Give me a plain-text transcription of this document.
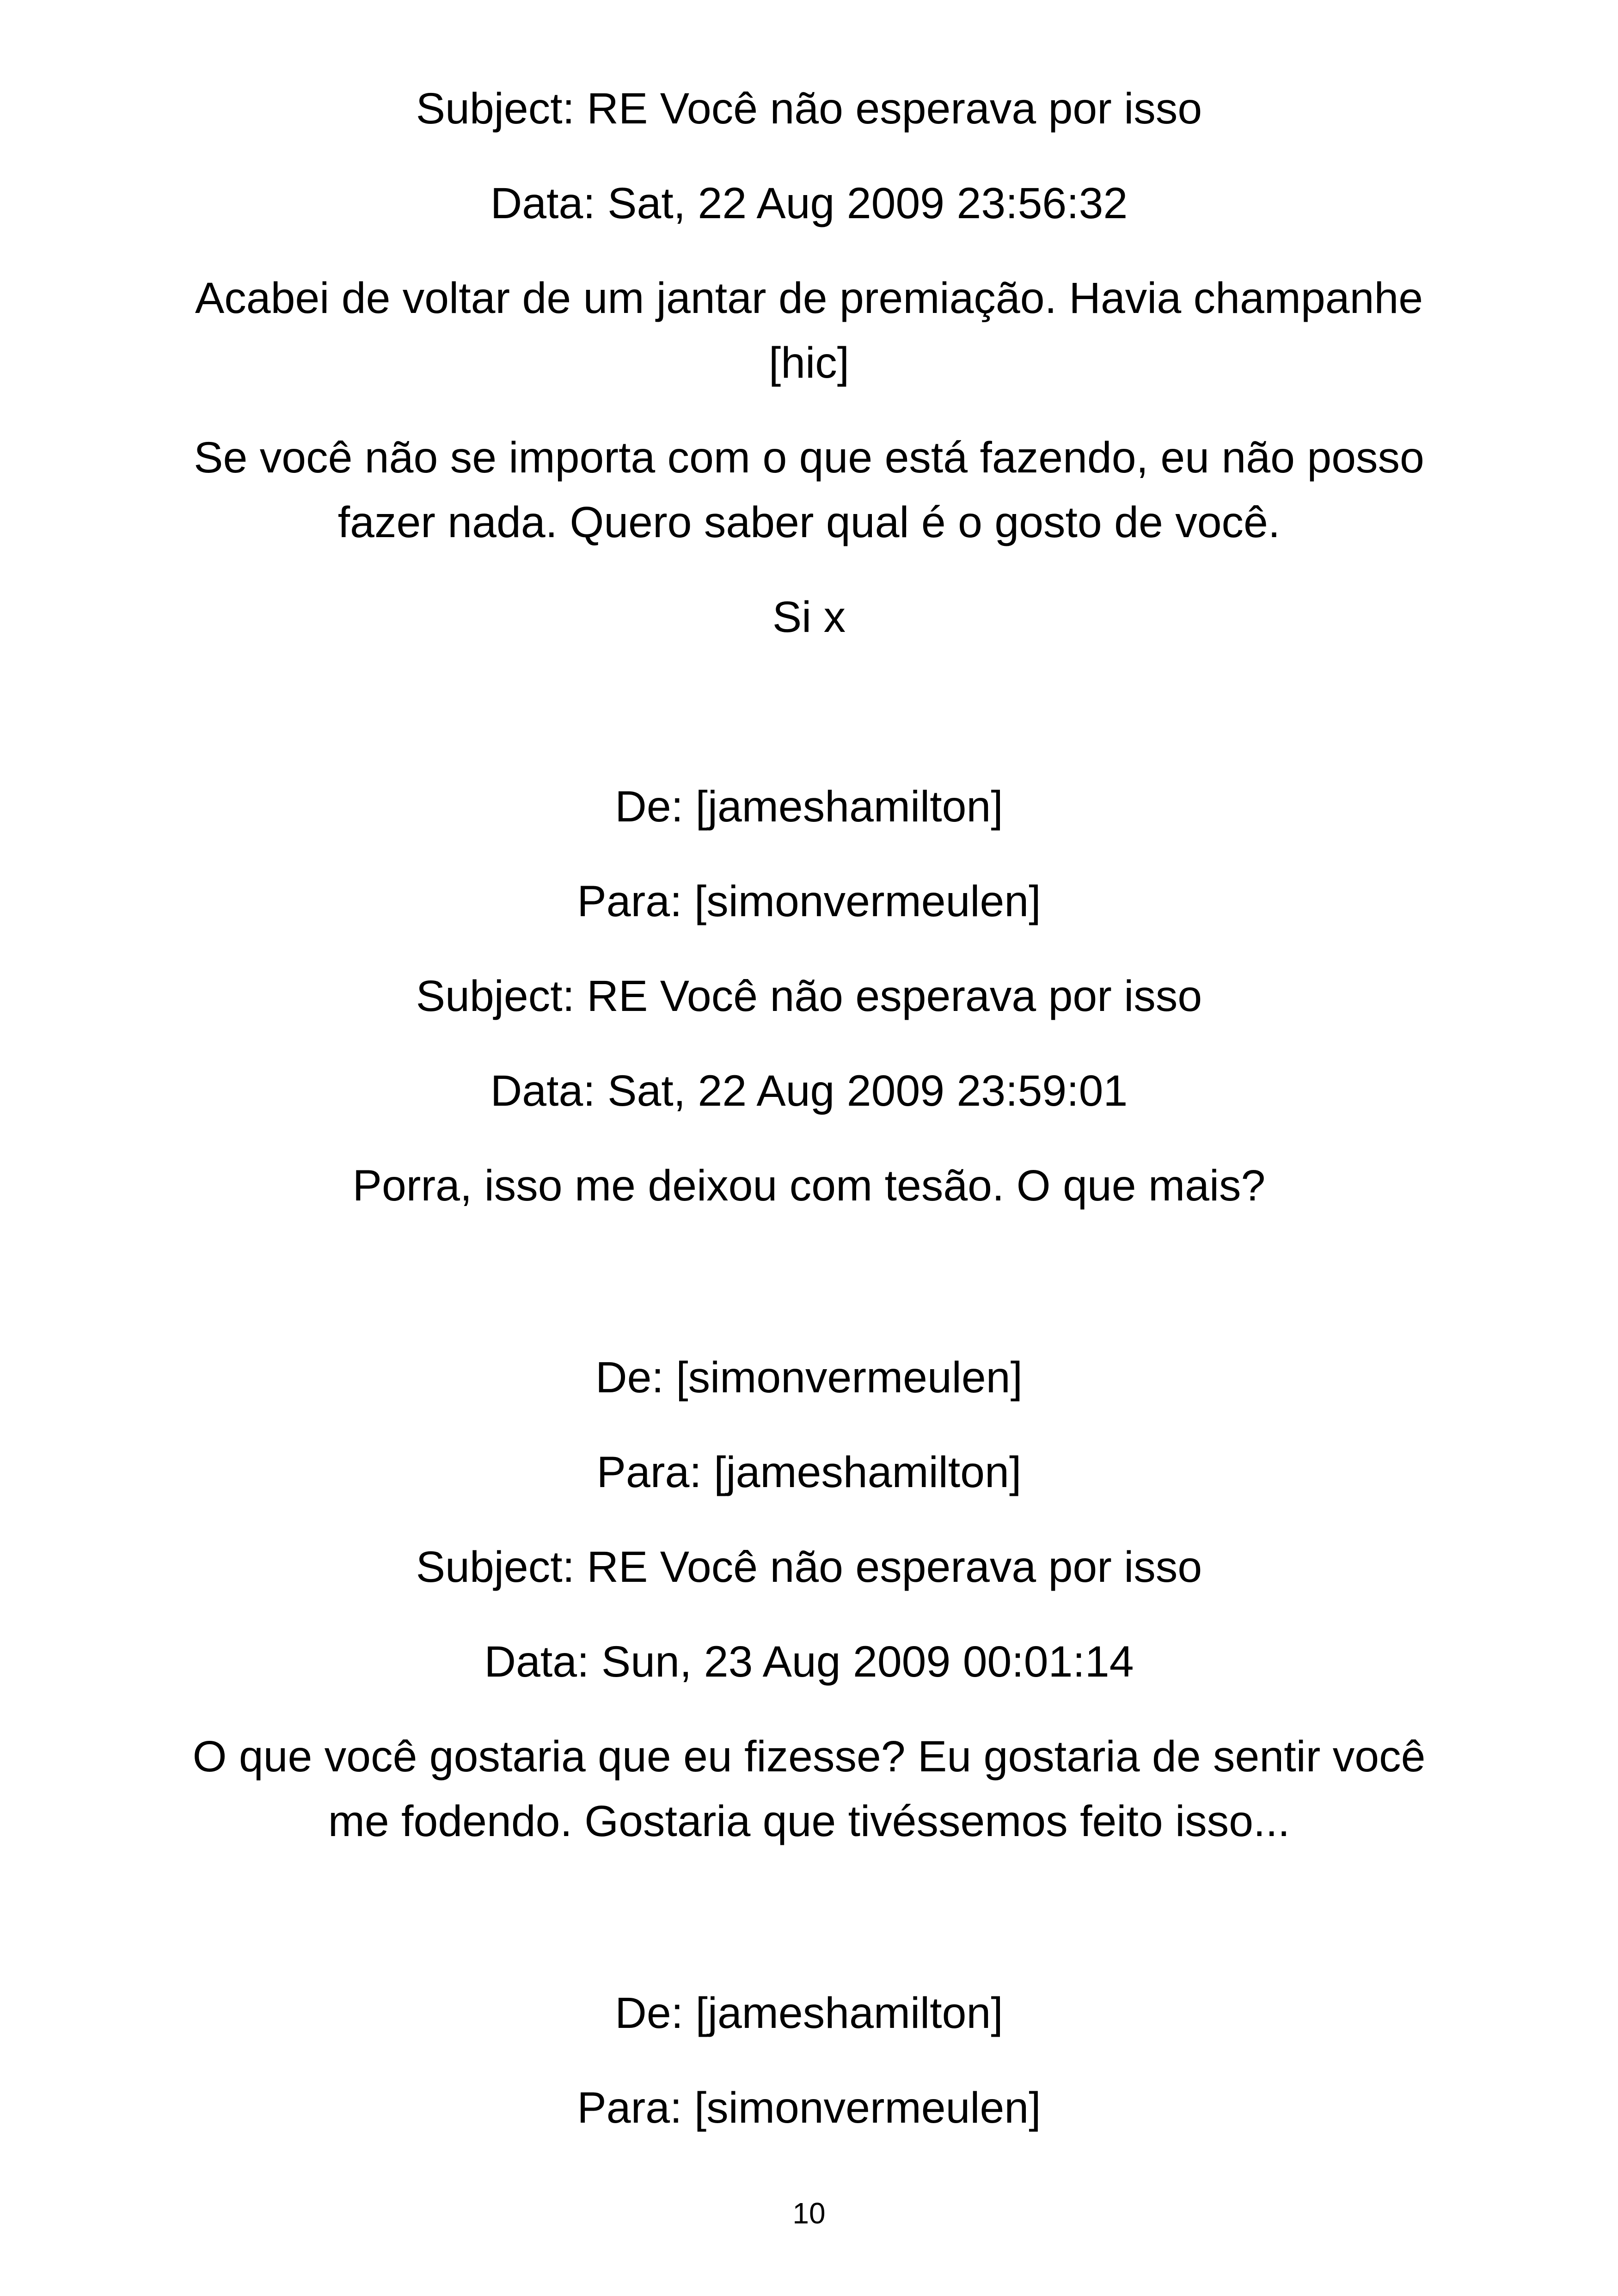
Subject: RE Você não esperava por isso

Data: Sat, 22 Aug 2009 23:56:32

Acabei de voltar de um jantar de premiação. Havia champanhe

[hic]

Se você não se importa com o que está fazendo, eu não posso

fazer nada. Quero saber qual é o gosto de você.

Si x

De: [jameshamilton]

Para: [simonvermeulen]

Subject: RE Você não esperava por isso

Data: Sat, 22 Aug 2009 23:59:01

Porra, isso me deixou com tesão. O que mais?

De: [simonvermeulen]

Para: [jameshamilton]

Subject: RE Você não esperava por isso

Data: Sun, 23 Aug 2009 00:01:14

O que você gostaria que eu fizesse? Eu gostaria de sentir você

me fodendo. Gostaria que tivéssemos feito isso...

De: [jameshamilton]

Para: [simonvermeulen]

10
